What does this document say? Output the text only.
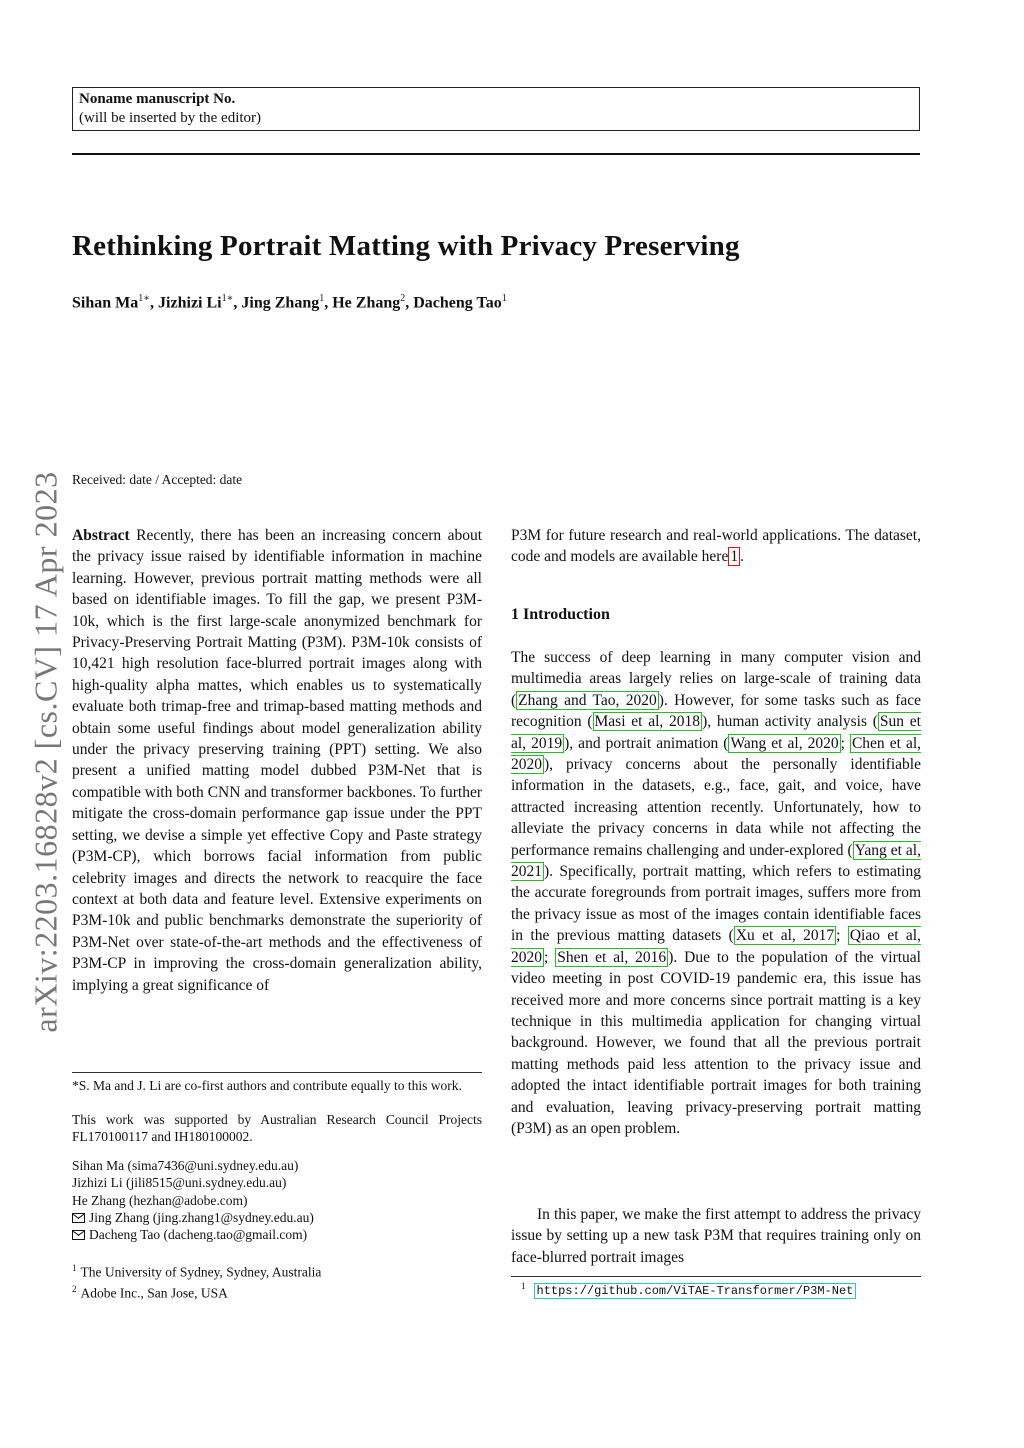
Noname manuscript No.
(will be inserted by the editor)
Rethinking Portrait Matting with Privacy Preserving
Sihan $Ma^{1∗}$, Jizhizi $Li^{1∗}$, Jing Zhang$^1$, He Zhang$^2$, Dacheng Tao$^1$
arXiv:2203.16828v2 [cs.CV] 17 Apr 2023 Received: date / Accepted: date
Abstract Recently, there has been an increasing concern about the privacy issue raised by identifiable information in machine learning. However, previous portrait matting methods were all based on identifiable images. To fill the gap, we present P3M-10k, which is the first large-scale anonymized benchmark for Privacy-Preserving Portrait Matting (P3M). P3M-10k consists of 10,421 high resolution face-blurred portrait images along with high-quality alpha mattes, which enables us to systematically evaluate both trimap-free and trimap-based matting methods and obtain some useful findings about model generalization ability under the privacy preserving training (PPT) setting. We also present a unified matting model dubbed P3M-Net that is compatible with both CNN and transformer backbones. To further mitigate the cross-domain performance gap issue under the PPT setting, we devise a simple yet effective Copy and Paste strategy (P3M-CP), which borrows facial information from public celebrity images and directs the network to reacquire the face context at both data and feature level. Extensive experiments on P3M-10k and public benchmarks demonstrate the superiority of P3M-Net over state-of-the-art methods and the effectiveness of P3M-CP in improving the cross-domain generalization ability, implying a great significance of
*S. Ma and J. Li are co-first authors and contribute equally to this work.
This work was supported by Australian Research Council Projects FL170100117 and IH180100002.
Sihan Ma (sima7436@uni.sydney.edu.au)
Jizhizi Li (jili8515@uni.sydney.edu.au)
He Zhang (hezhan@adobe.com)
Jing Zhang (jing.zhang1@sydney.edu.au)
Dacheng Tao (dacheng.tao@gmail.com)
$^1$ The University of Sydney, Sydney, Australia
$^2$ Adobe Inc., San Jose, USA
P3M for future research and real-world applications. The dataset, code and models are available here 1 .
1 Introduction
The success of deep learning in many computer vision and multimedia areas largely relies on large-scale of training data ( Zhang and Tao, 2020 ). However, for some tasks such as face recognition ( Masi et al, 2018 ), human activity analysis ( Sun et al, 2019 ), and portrait animation ( Wang et al, 2020 ; Chen et al, 2020 ), privacy concerns about the personally identifiable information in the datasets, e.g., face, gait, and voice, have attracted increasing attention recently. Unfortunately, how to alleviate the privacy concerns in data while not affecting the performance remains challenging and under-explored ( Yang et al, 2021 ). Specifically, portrait matting, which refers to estimating the accurate foregrounds from portrait images, suffers more from the privacy issue as most of the images contain identifiable faces in the previous matting datasets ( Xu et al, 2017 ; Qiao et al, 2020 ; Shen et al, 2016 ). Due to the population of the virtual video meeting in post COVID-19 pandemic era, this issue has received more and more concerns since portrait matting is a key technique in this multimedia application for changing virtual background. However, we found that all the previous portrait matting methods paid less attention to the privacy issue and adopted the intact identifiable portrait images for both training and evaluation, leaving privacy-preserving portrait matting (P3M) as an open problem.
In this paper, we make the first attempt to address the privacy issue by setting up a new task P3M that requires training only on face-blurred portrait images
$^1$ https://github.com/ViTAE-Transformer/P3M-Net
